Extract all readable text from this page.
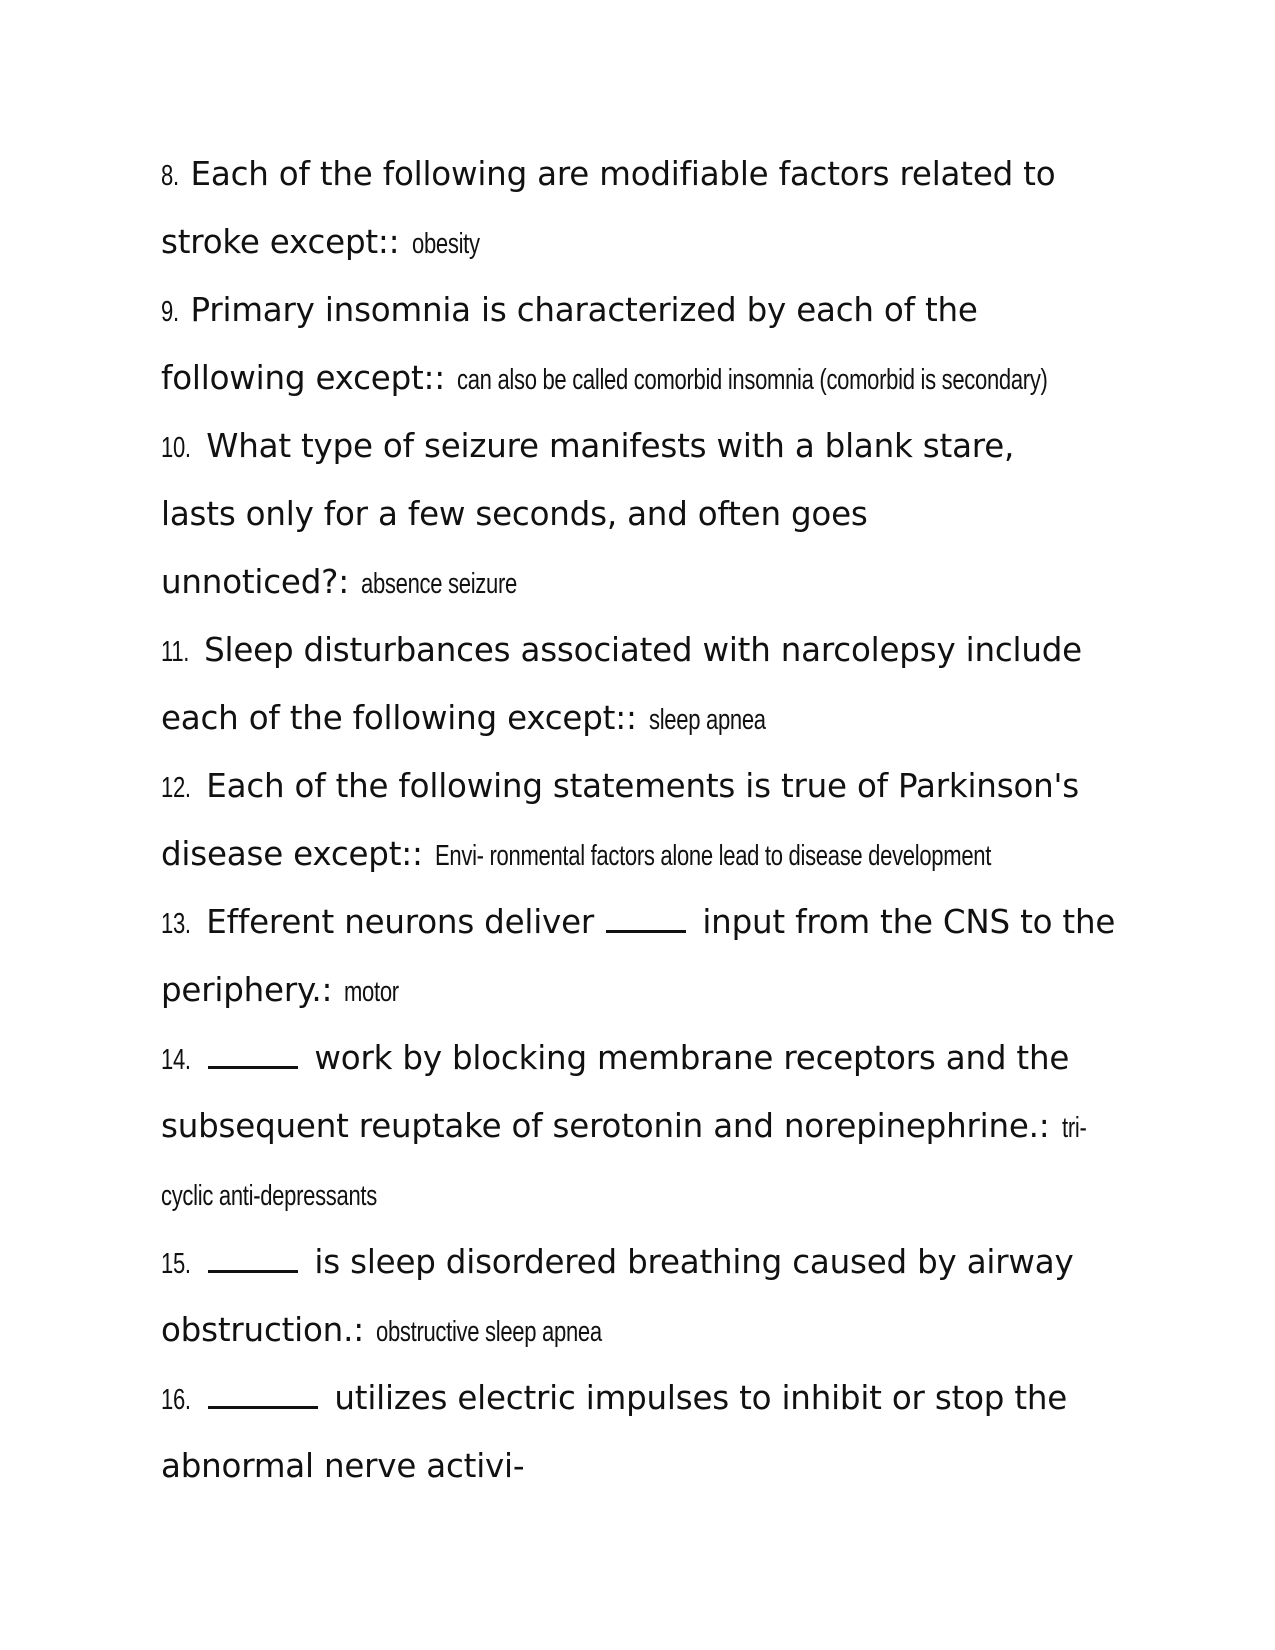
8. Each of the following are modifiable factors related to
stroke except:: obesity
9. Primary insomnia is characterized by each of the
following except:: can also be called comorbid insomnia (comorbid is secondary)
10. What type of seizure manifests with a blank stare,
lasts only for a few seconds, and often goes
unnoticed?: absence seizure
11. Sleep disturbances associated with narcolepsy include
each of the following except:: sleep apnea
12. Each of the following statements is true of Parkinson's
disease except:: Envi- ronmental factors alone lead to disease development
13. Efferent neurons deliver	input from the CNS to the
periphery.: motor
14.	work by blocking membrane receptors and the
subsequent reuptake of serotonin and norepinephrine.: tri-
cyclic anti-depressants
15.	is sleep disordered breathing caused by airway
obstruction.: obstructive sleep apnea
16.	utilizes electric impulses to inhibit or stop the
abnormal nerve activi-
